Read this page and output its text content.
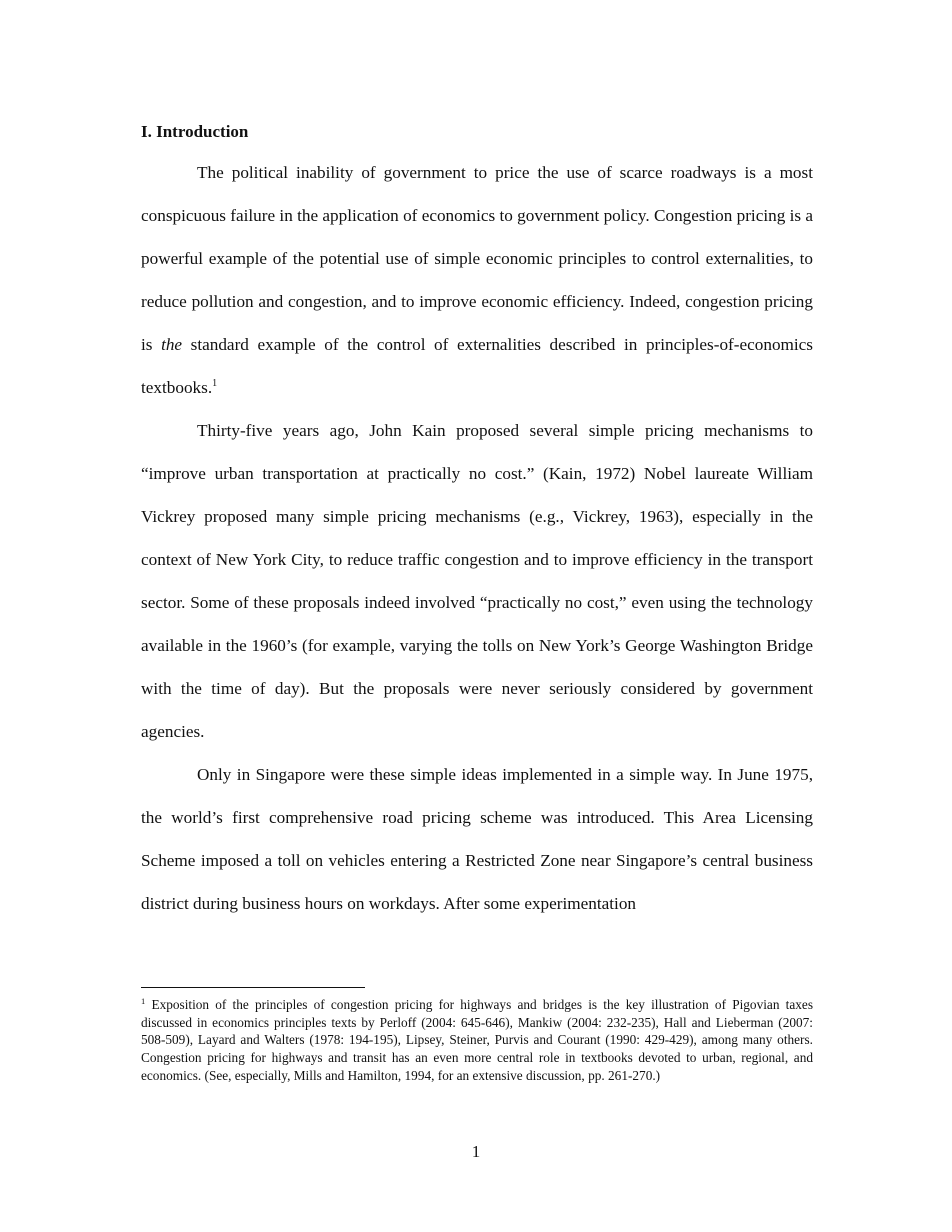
I. Introduction

The political inability of government to price the use of scarce roadways is a most conspicuous failure in the application of economics to government policy. Congestion pricing is a powerful example of the potential use of simple economic principles to control externalities, to reduce pollution and congestion, and to improve economic efficiency. Indeed, congestion pricing is the standard example of the control of externalities described in principles-of-economics textbooks.$^1$

Thirty-five years ago, John Kain proposed several simple pricing mechanisms to “improve urban transportation at practically no cost.” (Kain, 1972) Nobel laureate William Vickrey proposed many simple pricing mechanisms (e.g., Vickrey, 1963), especially in the context of New York City, to reduce traffic congestion and to improve efficiency in the transport sector. Some of these proposals indeed involved “practically no cost,” even using the technology available in the 1960’s (for example, varying the tolls on New York’s George Washington Bridge with the time of day). But the proposals were never seriously considered by government agencies.

Only in Singapore were these simple ideas implemented in a simple way. In June 1975, the world’s first comprehensive road pricing scheme was introduced. This Area Licensing Scheme imposed a toll on vehicles entering a Restricted Zone near Singapore’s central business district during business hours on workdays. After some experimentation

$^1$ Exposition of the principles of congestion pricing for highways and bridges is the key illustration of Pigovian taxes discussed in economics principles texts by Perloff (2004: 645-646), Mankiw (2004: 232-235), Hall and Lieberman (2007: 508-509), Layard and Walters (1978: 194-195), Lipsey, Steiner, Purvis and Courant (1990: 429-429), among many others. Congestion pricing for highways and transit has an even more central role in textbooks devoted to urban, regional, and economics. (See, especially, Mills and Hamilton, 1994, for an extensive discussion, pp. 261-270.)

1
